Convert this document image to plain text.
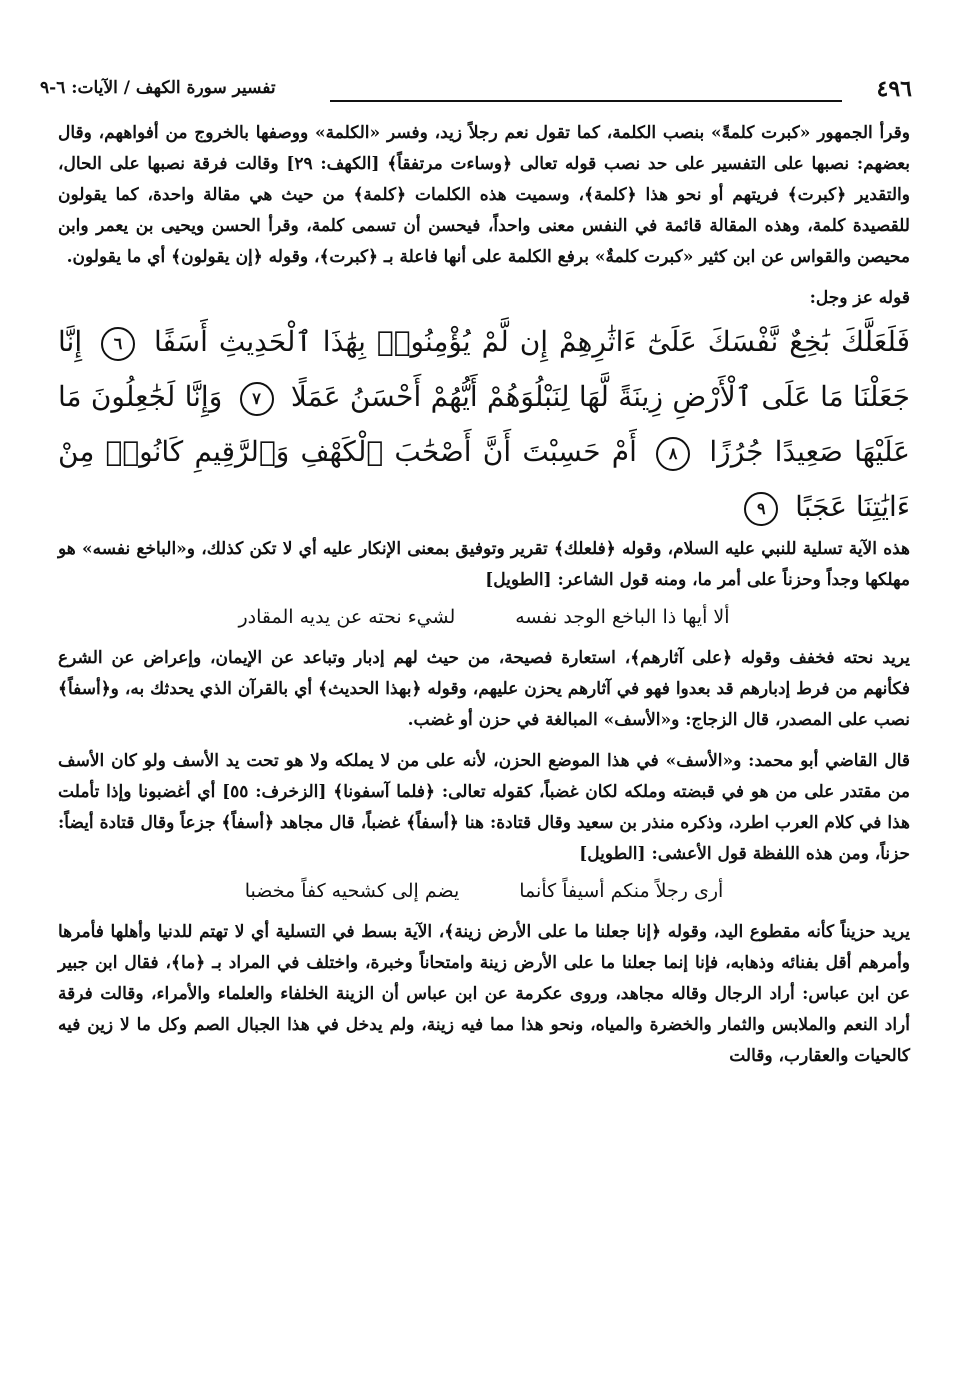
٤٩٦
تفسير سورة الكهف / الآيات: ٦-٩

وقرأ الجمهور «كبرت كلمةً» بنصب الكلمة، كما تقول نعم رجلاً زيد، وفسر «الكلمة» ووصفها بالخروج من أفواههم، وقال بعضهم: نصبها على التفسير على حد نصب قوله تعالى ﴿وساءت مرتفقاً﴾ [الكهف: ٢٩] وقالت فرقة نصبها على الحال، والتقدير ﴿كبرت﴾ فريتهم أو نحو هذا ﴿كلمة﴾، وسميت هذه الكلمات ﴿كلمة﴾ من حيث هي مقالة واحدة، كما يقولون للقصيدة كلمة، وهذه المقالة قائمة في النفس معنى واحداً، فيحسن أن تسمى كلمة، وقرأ الحسن ويحيى بن يعمر وابن محيصن والقواس عن ابن كثير «كبرت كلمةٌ» برفع الكلمة على أنها فاعلة بـ ﴿كبرت﴾، وقوله ﴿إن يقولون﴾ أي ما يقولون.

قوله عز وجل:

فَلَعَلَّكَ بَٰخِعٌ نَّفْسَكَ عَلَىٰٓ ءَاثَٰرِهِمْ إِن لَّمْ يُؤْمِنُوا۟ بِهَٰذَا ٱلْحَدِيثِ أَسَفًا ٦ إِنَّا جَعَلْنَا مَا عَلَى ٱلْأَرْضِ زِينَةً لَّهَا لِنَبْلُوَهُمْ أَيُّهُمْ أَحْسَنُ عَمَلًا ٧ وَإِنَّا لَجَٰعِلُونَ مَا عَلَيْهَا صَعِيدًا جُرُزًا ٨ أَمْ حَسِبْتَ أَنَّ أَصْحَٰبَ ٱلْكَهْفِ وَٱلرَّقِيمِ كَانُوا۟ مِنْ ءَايَٰتِنَا عَجَبًا ٩

هذه الآية تسلية للنبي عليه السلام، وقوله ﴿فلعلك﴾ تقرير وتوفيق بمعنى الإنكار عليه أي لا تكن كذلك، و«الباخع نفسه» هو مهلكها وجداً وحزناً على أمر ما، ومنه قول الشاعر: [الطويل]

ألا أيها ذا الباخع الوجد نفسه
لشيء نحته عن يديه المقادر

يريد نحته فخفف وقوله ﴿على آثارهم﴾، استعارة فصيحة، من حيث لهم إدبار وتباعد عن الإيمان، وإعراض عن الشرع فكأنهم من فرط إدبارهم قد بعدوا فهو في آثارهم يحزن عليهم، وقوله ﴿بهذا الحديث﴾ أي بالقرآن الذي يحدثك به، و﴿أسفاً﴾ نصب على المصدر، قال الزجاج: و«الأسف» المبالغة في حزن أو غضب.

قال القاضي أبو محمد: و«الأسف» في هذا الموضع الحزن، لأنه على من لا يملكه ولا هو تحت يد الأسف ولو كان الأسف من مقتدر على من هو في قبضته وملكه لكان غضباً، كقوله تعالى: ﴿فلما آسفونا﴾ [الزخرف: ٥٥] أي أغضبونا وإذا تأملت هذا في كلام العرب اطرد، وذكره منذر بن سعيد وقال قتادة: هنا ﴿أسفاً﴾ غضباً، قال مجاهد ﴿أسفاً﴾ جزعاً وقال قتادة أيضاً: حزناً، ومن هذه اللفظة قول الأعشى: [الطويل]

أرى رجلاً منكم أسيفاً كأنما
يضم إلى كشحيه كفاً مخضبا

يريد حزيناً كأنه مقطوع اليد، وقوله ﴿إنا جعلنا ما على الأرض زينة﴾، الآية بسط في التسلية أي لا تهتم للدنيا وأهلها فأمرها وأمرهم أقل بفنائه وذهابه، فإنا إنما جعلنا ما على الأرض زينة وامتحاناً وخبرة، واختلف في المراد بـ ﴿ما﴾، فقال ابن جبير عن ابن عباس: أراد الرجال وقاله مجاهد، وروى عكرمة عن ابن عباس أن الزينة الخلفاء والعلماء والأمراء، وقالت فرقة أراد النعم والملابس والثمار والخضرة والمياه، ونحو هذا مما فيه زينة، ولم يدخل في هذا الجبال الصم وكل ما لا زين فيه كالحيات والعقارب، وقالت
